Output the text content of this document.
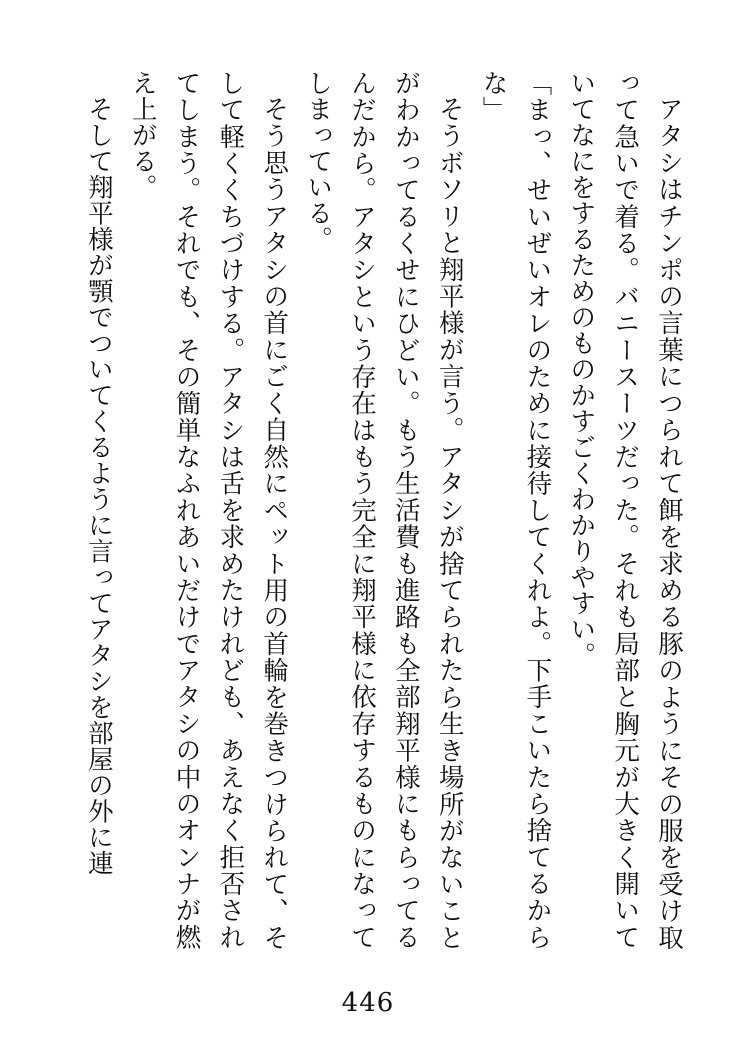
アタシはチンポの言葉につられて餌を求める豚のようにその服を受け取って急いで着る。バニースーツだった。それも局部と胸元が大きく開いていてなにをするためのものかすごくわかりやすい。

「まっ、せいぜいオレのために接待してくれよ。下手こいたら捨てるからな」

そうボソリと翔平様が言う。アタシが捨てられたら生き場所がないことがわかってるくせにひどい。もう生活費も進路も全部翔平様にもらってるんだから。アタシという存在はもう完全に翔平様に依存するものになってしまっている。

そう思うアタシの首にごく自然にペット用の首輪を巻きつけられて、そして軽くくちづけする。アタシは舌を求めたけれども、あえなく拒否されてしまう。それでも、その簡単なふれあいだけでアタシの中のオンナが燃え上がる。

そして翔平様が顎でついてくるように言ってアタシを部屋の外に連

446
